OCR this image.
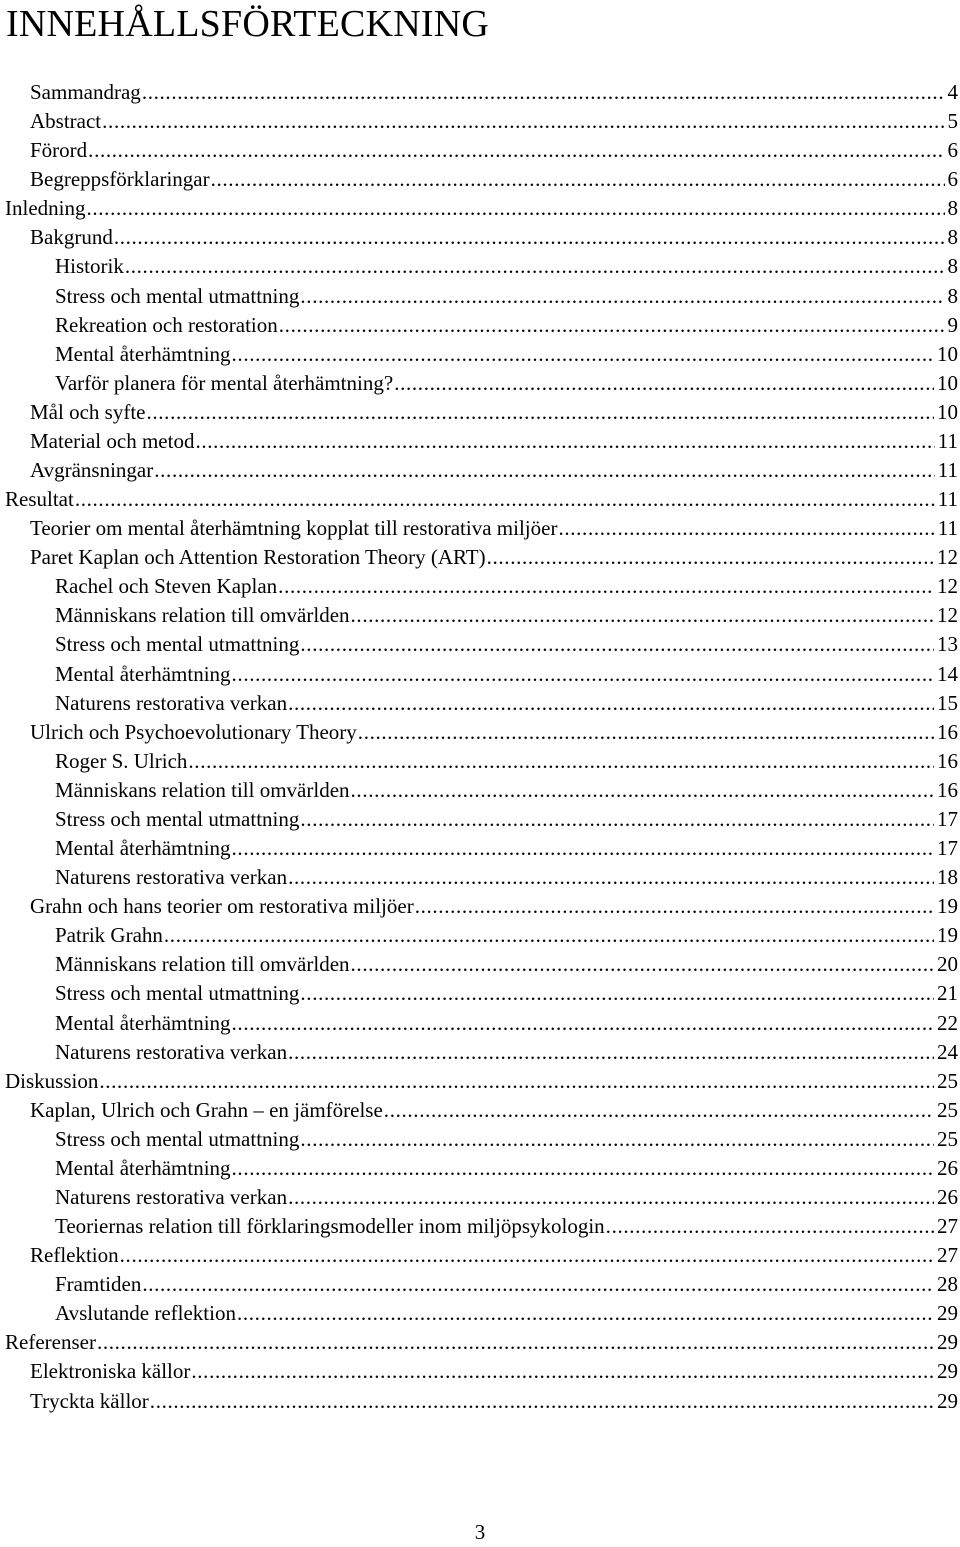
INNEHÅLLSFÖRTECKNING
Sammandrag . . .	4
Abstract . . .	5
Förord . . .	6
Begreppsförklaringar . . .	6
Inledning . . .	8
Bakgrund . . .	8
Historik . . .	8
Stress och mental utmattning . . .	8
Rekreation och restoration . . .	9
Mental återhämtning . . .	10
Varför planera för mental återhämtning? . . .	10
Mål och syfte . . .	10
Material och metod . . .	11
Avgränsningar . . .	11
Resultat . . .	11
Teorier om mental återhämtning kopplat till restorativa miljöer . . .	11
Paret Kaplan och Attention Restoration Theory (ART) . . .	12
Rachel och Steven Kaplan . . .	12
Människans relation till omvärlden . . .	12
Stress och mental utmattning . . .	13
Mental återhämtning . . .	14
Naturens restorativa verkan . . .	15
Ulrich och Psychoevolutionary Theory . . .	16
Roger S. Ulrich . . .	16
Människans relation till omvärlden . . .	16
Stress och mental utmattning . . .	17
Mental återhämtning . . .	17
Naturens restorativa verkan . . .	18
Grahn och hans teorier om restorativa miljöer . . .	19
Patrik Grahn . . .	19
Människans relation till omvärlden . . .	20
Stress och mental utmattning . . .	21
Mental återhämtning . . .	22
Naturens restorativa verkan . . .	24
Diskussion . . .	25
Kaplan, Ulrich och Grahn – en jämförelse . . .	25
Stress och mental utmattning . . .	25
Mental återhämtning . . .	26
Naturens restorativa verkan . . .	26
Teoriernas relation till förklaringsmodeller inom miljöpsykologin . . .	27
Reflektion . . .	27
Framtiden . . .	28
Avslutande reflektion . . .	29
Referenser . . .	29
Elektroniska källor . . .	29
Tryckta källor . . .	29
3
